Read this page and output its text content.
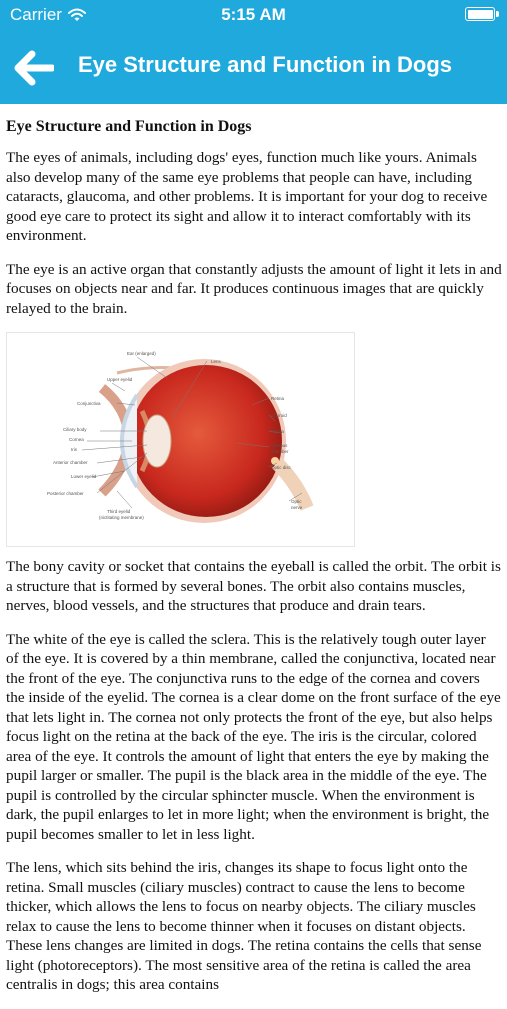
Carrier	5:15 AM
Eye Structure and Function in Dogs
Eye Structure and Function in Dogs

The eyes of animals, including dogs' eyes, function much like yours. Animals also develop many of the same eye problems that people can have, including cataracts, glaucoma, and other problems. It is important for your dog to receive good eye care to protect its sight and allow it to interact comfortably with its environment.

The eye is an active organ that constantly adjusts the amount of light it lets in and focuses on objects near and far. It produces continuous images that are quickly relayed to the brain.

Ear (enlarged)
Lens
Upper eyelid
Conjunctiva
Ciliary body
Cornea
Iris
Anterior chamber
Lower eyelid
Posterior chamber
Third eyelid
(nictitating membrane)
Retina
Choroid
Sclera
Vitreous
chamber
Optic disc
Optic
nerve

The bony cavity or socket that contains the eyeball is called the orbit. The orbit is a structure that is formed by several bones. The orbit also contains muscles, nerves, blood vessels, and the structures that produce and drain tears.

The white of the eye is called the sclera. This is the relatively tough outer layer of the eye. It is covered by a thin membrane, called the conjunctiva, located near the front of the eye. The conjunctiva runs to the edge of the cornea and covers the inside of the eyelid. The cornea is a clear dome on the front surface of the eye that lets light in. The cornea not only protects the front of the eye, but also helps focus light on the retina at the back of the eye. The iris is the circular, colored area of the eye. It controls the amount of light that enters the eye by making the pupil larger or smaller. The pupil is the black area in the middle of the eye. The pupil is controlled by the circular sphincter muscle. When the environment is dark, the pupil enlarges to let in more light; when the environment is bright, the pupil becomes smaller to let in less light.

The lens, which sits behind the iris, changes its shape to focus light onto the retina. Small muscles (ciliary muscles) contract to cause the lens to become thicker, which allows the lens to focus on nearby objects. The ciliary muscles relax to cause the lens to become thinner when it focuses on distant objects. These lens changes are limited in dogs. The retina contains the cells that sense light (photoreceptors). The most sensitive area of the retina is called the area centralis in dogs; this area contains
